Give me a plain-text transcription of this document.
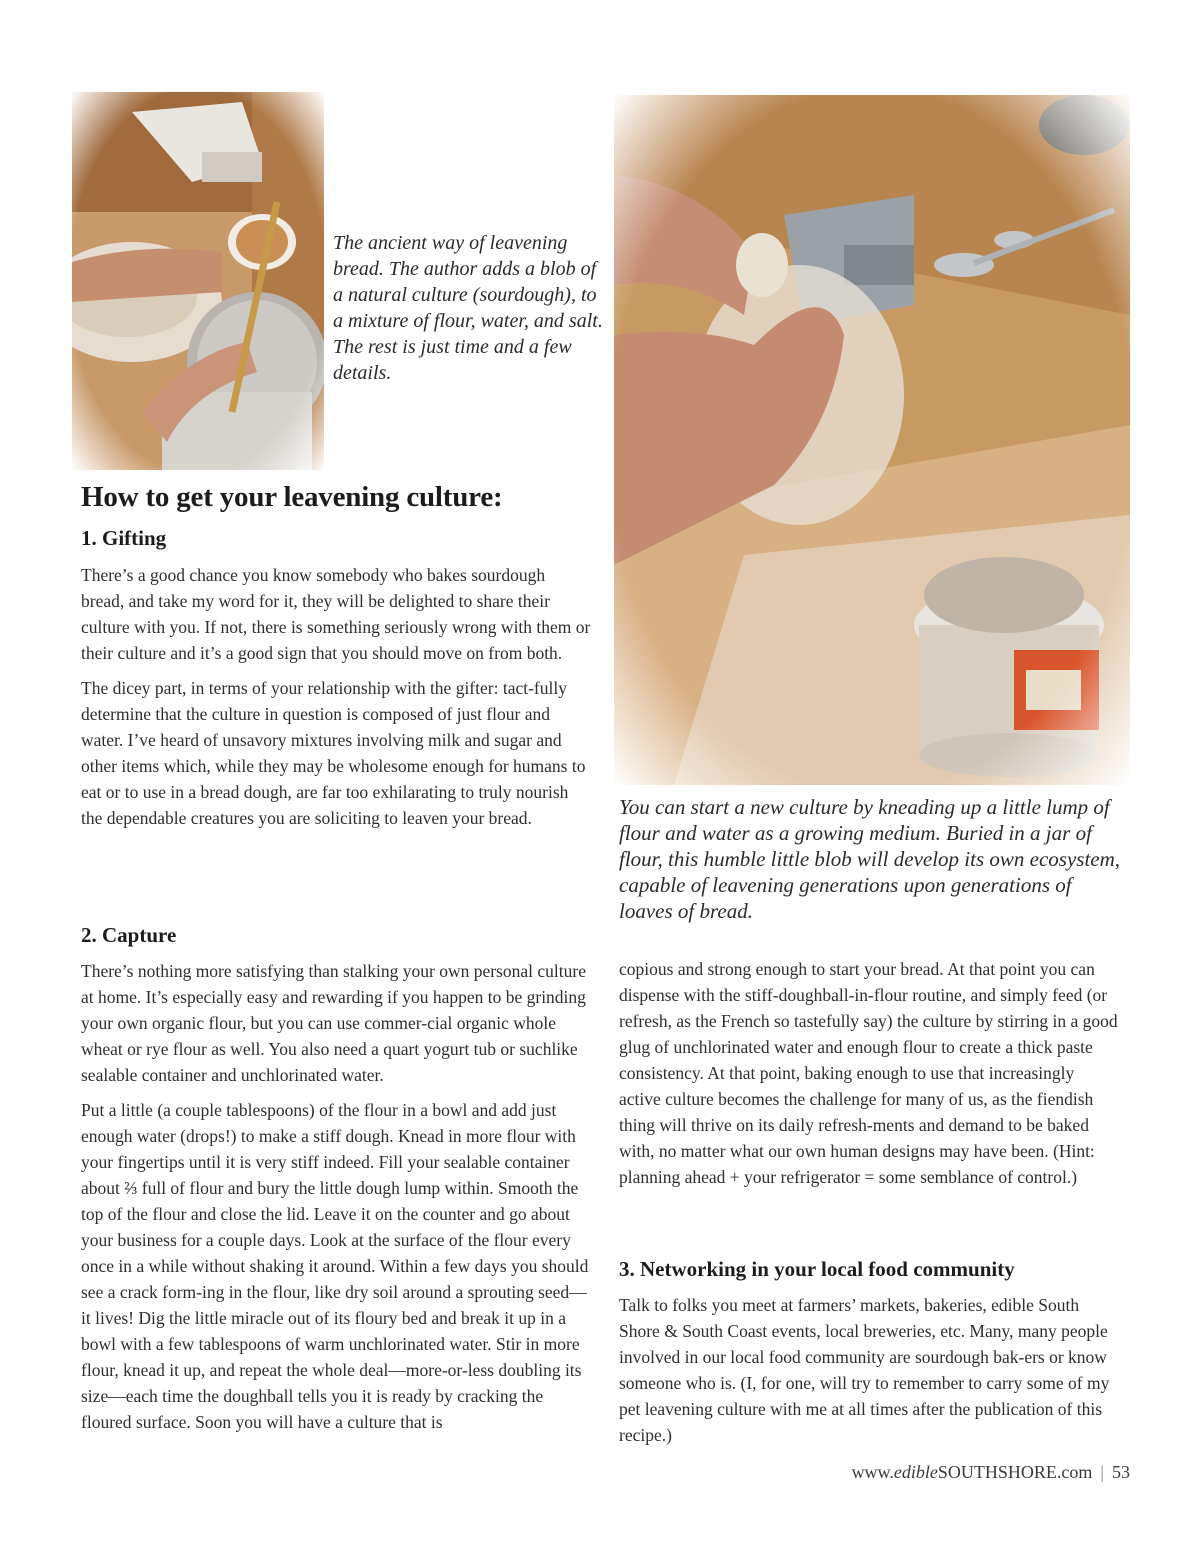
The ancient way of leavening bread. The author adds a blob of a natural culture (sourdough), to a mixture of flour, water, and salt. The rest is just time and a few details.
You can start a new culture by kneading up a little lump of flour and water as a growing medium. Buried in a jar of flour, this humble little blob will develop its own ecosystem, capable of leavening generations upon generations of loaves of bread.
How to get your leavening culture:
1. Gifting

There’s a good chance you know somebody who bakes sourdough bread, and take my word for it, they will be delighted to share their culture with you. If not, there is something seriously wrong with them or their culture and it’s a good sign that you should move on from both.

The dicey part, in terms of your relationship with the gifter: tact-fully determine that the culture in question is composed of just flour and water. I’ve heard of unsavory mixtures involving milk and sugar and other items which, while they may be wholesome enough for humans to eat or to use in a bread dough, are far too exhilarating to truly nourish the dependable creatures you are soliciting to leaven your bread.

2. Capture

There’s nothing more satisfying than stalking your own personal culture at home. It’s especially easy and rewarding if you happen to be grinding your own organic flour, but you can use commer-cial organic whole wheat or rye flour as well. You also need a quart yogurt tub or suchlike sealable container and unchlorinated water.

Put a little (a couple tablespoons) of the flour in a bowl and add just enough water (drops!) to make a stiff dough. Knead in more flour with your fingertips until it is very stiff indeed. Fill your sealable container about ⅔ full of flour and bury the little dough lump within. Smooth the top of the flour and close the lid. Leave it on the counter and go about your business for a couple days. Look at the surface of the flour every once in a while without shaking it around. Within a few days you should see a crack form-ing in the flour, like dry soil around a sprouting seed—it lives! Dig the little miracle out of its floury bed and break it up in a bowl with a few tablespoons of warm unchlorinated water. Stir in more flour, knead it up, and repeat the whole deal—more-or-less doubling its size—each time the doughball tells you it is ready by cracking the floured surface. Soon you will have a culture that is

copious and strong enough to start your bread. At that point you can dispense with the stiff-doughball-in-flour routine, and simply feed (or refresh, as the French so tastefully say) the culture by stirring in a good glug of unchlorinated water and enough flour to create a thick paste consistency. At that point, baking enough to use that increasingly active culture becomes the challenge for many of us, as the fiendish thing will thrive on its daily refresh-ments and demand to be baked with, no matter what our own human designs may have been. (Hint: planning ahead + your refrigerator = some semblance of control.)

3. Networking in your local food community

Talk to folks you meet at farmers’ markets, bakeries, edible South Shore & South Coast events, local breweries, etc. Many, many people involved in our local food community are sourdough bak-ers or know someone who is. (I, for one, will try to remember to carry some of my pet leavening culture with me at all times after the publication of this recipe.)

www.edibleSOUTHSHORE.com | 53
